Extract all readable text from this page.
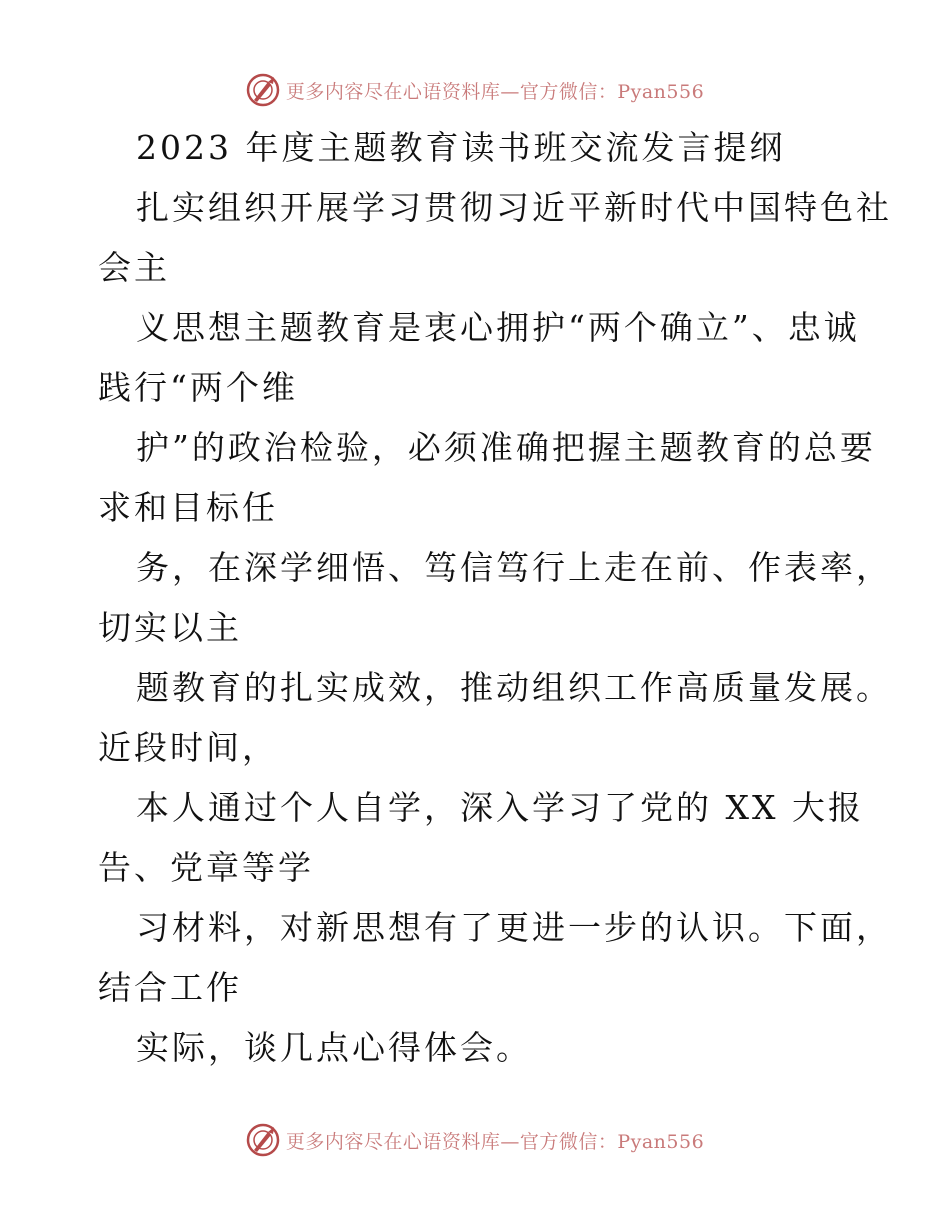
更多内容尽在心语资料库—官方微信：Pyan556
2023 年度主题教育读书班交流发言提纲
扎实组织开展学习贯彻习近平新时代中国特色社
会主
义思想主题教育是衷心拥护“两个确立”、忠诚
践行“两个维
护”的政治检验，必须准确把握主题教育的总要
求和目标任
务，在深学细悟、笃信笃行上走在前、作表率，
切实以主
题教育的扎实成效，推动组织工作高质量发展。
近段时间，
本人通过个人自学，深入学习了党的 XX 大报
告、党章等学
习材料，对新思想有了更进一步的认识。下面，
结合工作
实际，谈几点心得体会。
更多内容尽在心语资料库—官方微信：Pyan556
